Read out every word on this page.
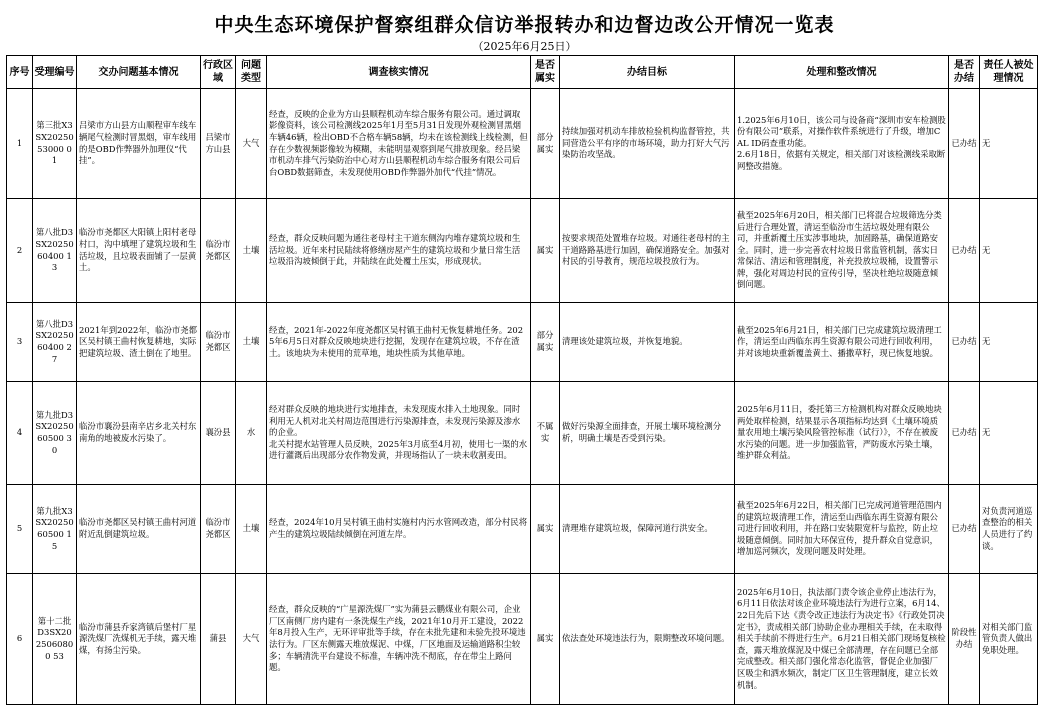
中央生态环境保护督察组群众信访举报转办和边督边改公开情况一览表
（2025年6月25日）
序号	受理编号	交办问题基本情况	行政区域	问题类型	调查核实情况	是否属实	办结目标	处理和整改情况	是否办结	责任人被处理情况
1	第三批X3SX2025053000 01	吕梁市方山县方山顺程审车线车辆尾气检测时冒黑烟，审车线用的是OBD作弊器外加理仪“代挂”。	吕梁市方山县	大气	经查，反映的企业为方山县顺程机动车综合服务有限公司。通过调取影像资料，该公司检测线2025年1月至5月31日发现外观检测冒黑烟车辆46辆，检出OBD不合格车辆58辆，均未在该检测线上线检测，但存在少数视频影像较为模糊，未能明显观察到尾气排放现象。经吕梁市机动车排气污染防治中心对方山县顺程机动车综合服务有限公司后台OBD数据筛查，未发现使用OBD作弊器外加代“代挂”情况。	部分属实	持续加强对机动车排放检验机构监督管控，共同营造公平有序的市场环境，助力打好大气污染防治攻坚战。	1.2025年6月10日，该公司与设备商“深圳市安车检测股份有限公司”联系，对操作软件系统进行了升级，增加CAL ID码查重功能。
2.6月18日，依据有关规定，相关部门对该检测线采取断网整改措施。	已办结	无
2	第八批D3SX2025060400 13	临汾市尧都区大阳镇上阳村老母村口，沟中填埋了建筑垃圾和生活垃圾，且垃圾表面铺了一层黄土。	临汾市尧都区	土壤	经查，群众反映问题为通往老母村主干道东侧沟内堆存建筑垃圾和生活垃圾。近年来村民陆续将修缮房屋产生的建筑垃圾和少量日常生活垃圾沿沟坡倾倒于此，并陆续在此处覆土压实，形成现状。	属实	按要求规范处置堆存垃圾。对通往老母村的主干道路路基进行加固，确保道路安全。加强对村民的引导教育，规范垃圾投放行为。	截至2025年6月20日，相关部门已将混合垃圾筛选分类后进行合理处置，清运至临汾市生活垃圾处理有限公司，并重新覆土压实涉事地块，加固路基，确保道路安全。同时，进一步完善农村垃圾日常监管机制，落实日常保洁、清运和管理制度，补充投放垃圾桶，设置警示牌，强化对周边村民的宣传引导，坚决杜绝垃圾随意倾倒问题。	已办结	无
3	第八批D3SX2025060400 27	2021年到2022年，临汾市尧都区吴村镇王曲村恢复耕地，实际把建筑垃圾、渣土倒在了地里。	临汾市尧都区	土壤	经查，2021年-2022年度尧都区吴村镇王曲村无恢复耕地任务。2025年6月5日对群众反映地块进行挖掘，发现存在建筑垃圾，不存在渣土。该地块为未使用的荒草地，地块性质为其他草地。	部分属实	清理该处建筑垃圾，并恢复地貌。	截至2025年6月21日，相关部门已完成建筑垃圾清理工作，清运至山西临东再生资源有限公司进行回收利用，并对该地块重新覆盖黄土、播撒草籽，现已恢复地貌。	已办结	无
4	第九批D3SX2025060500 30	临汾市襄汾县南辛店乡北关村东南角的地被废水污染了。	襄汾县	水	经对群众反映的地块进行实地排查，未发现废水排入土地现象。同时利用无人机对北关村周边范围进行污染源排查，未发现污染源及渗水的企业。
北关村提水站管理人员反映，2025年3月底至4月初，使用七一渠的水进行灌溉后出现部分农作物发黄，并现场指认了一块未收割麦田。	不属实	做好污染源全面排查，开展土壤环境检测分析，明确土壤是否受到污染。	2025年6月11日，委托第三方检测机构对群众反映地块两处取样检测，结果显示各项指标均达到《土壤环境质量农用地土壤污染风险管控标准（试行）》，不存在被废水污染的问题。进一步加强监管，严防废水污染土壤，维护群众利益。	已办结	无
5	第九批X3SX2025060500 15	临汾市尧都区吴村镇王曲村河道附近乱倒建筑垃圾。	临汾市尧都区	土壤	经查，2024年10月吴村镇王曲村实施村内污水管网改造，部分村民将产生的建筑垃圾陆续倾倒在河道左岸。	属实	清理堆存建筑垃圾，保障河道行洪安全。	截至2025年6月22日，相关部门已完成河道管理范围内的建筑垃圾清理工作，清运至山西临东再生资源有限公司进行回收利用，并在路口安装限宽杆与监控，防止垃圾随意倾倒。同时加大环保宣传，提升群众自觉意识，增加巡河频次，发现问题及时处理。	已办结	对负责河道巡查整治的相关人员进行了约谈。
6	第十二批D3SX2025060800 53	临汾市蒲县乔家湾镇后堡村厂星源洗煤厂洗煤机无手续，露天堆煤，有扬尘污染。	蒲县	大气	经查，群众反映的“广星源洗煤厂”实为蒲县云鹏煤业有限公司，企业厂区南侧厂房内建有一条洗煤生产线，2021年10月开工建设，2022年8月投入生产，无环评审批等手续，存在未批先建和未验先投环境违法行为。厂区东侧露天堆放煤泥、中煤，厂区地面及运输道路积尘较多；车辆清洗平台建设不标准，车辆冲洗不彻底，存在带尘上路问题。	属实	依法查处环境违法行为，限期整改环境问题。	2025年6月10日，执法部门责令该企业停止违法行为，6月11日依法对该企业环境违法行为进行立案，6月14、22日先后下达《责令改正违法行为决定书》《行政处罚决定书》，责成相关部门协助企业办理相关手续，在未取得相关手续前不得进行生产。6月21日相关部门现场复核检查，露天堆放煤泥及中煤已全部清理，存在问题已全部完成整改。相关部门强化常态化监管，督促企业加强厂区吸尘和洒水频次，制定厂区卫生管理制度，建立长效机制。	阶段性办结	对相关部门监管负责人做出免职处理。
